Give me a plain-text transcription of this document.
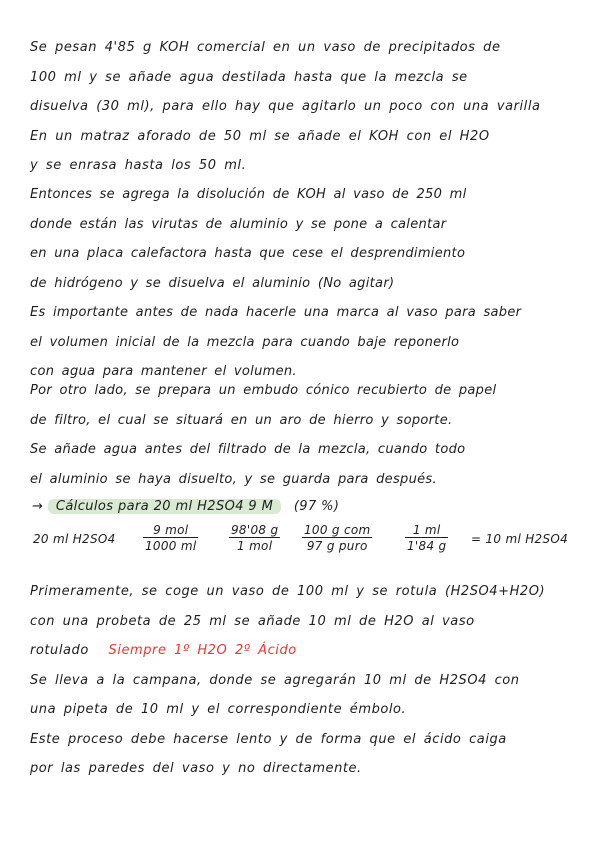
Se pesan 4'85 g KOH comercial en un vaso de precipitados de
100 ml y se añade agua destilada hasta que la mezcla se
disuelva (30 ml), para ello hay que agitarlo un poco con una varilla
En un matraz aforado de 50 ml se añade el KOH con el H2O
y se enrasa hasta los 50 ml.
Entonces se agrega la disolución de KOH al vaso de 250 ml
donde están las virutas de aluminio y se pone a calentar
en una placa calefactora hasta que cese el desprendimiento
de hidrógeno y se disuelva el aluminio (No agitar)
Es importante antes de nada hacerle una marca al vaso para saber
el volumen inicial de la mezcla para cuando baje reponerlo
con agua para mantener el volumen.
Por otro lado, se prepara un embudo cónico recubierto de papel
de filtro, el cual se situará en un aro de hierro y soporte.
Se añade agua antes del filtrado de la mezcla, cuando todo
el aluminio se haya disuelto, y se guarda para después.
→ Cálculos para 20 ml H2SO4 9 M (97 %)
20 ml H2SO4
9 mol
1000 ml
98'08 g
1 mol
100 g com
97 g puro	$\frac{1 ml}{1'84 g} = 10$ ml H2SO4
Primeramente, se coge un vaso de 100 ml y se rotula (H2SO4+H2O)
con una probeta de 25 ml se añade 10 ml de H2O al vaso
rotulado Siempre 1º H2O 2º Ácido
Se lleva a la campana, donde se agregarán 10 ml de H2SO4 con
una pipeta de 10 ml y el correspondiente émbolo.
Este proceso debe hacerse lento y de forma que el ácido caiga
por las paredes del vaso y no directamente.
